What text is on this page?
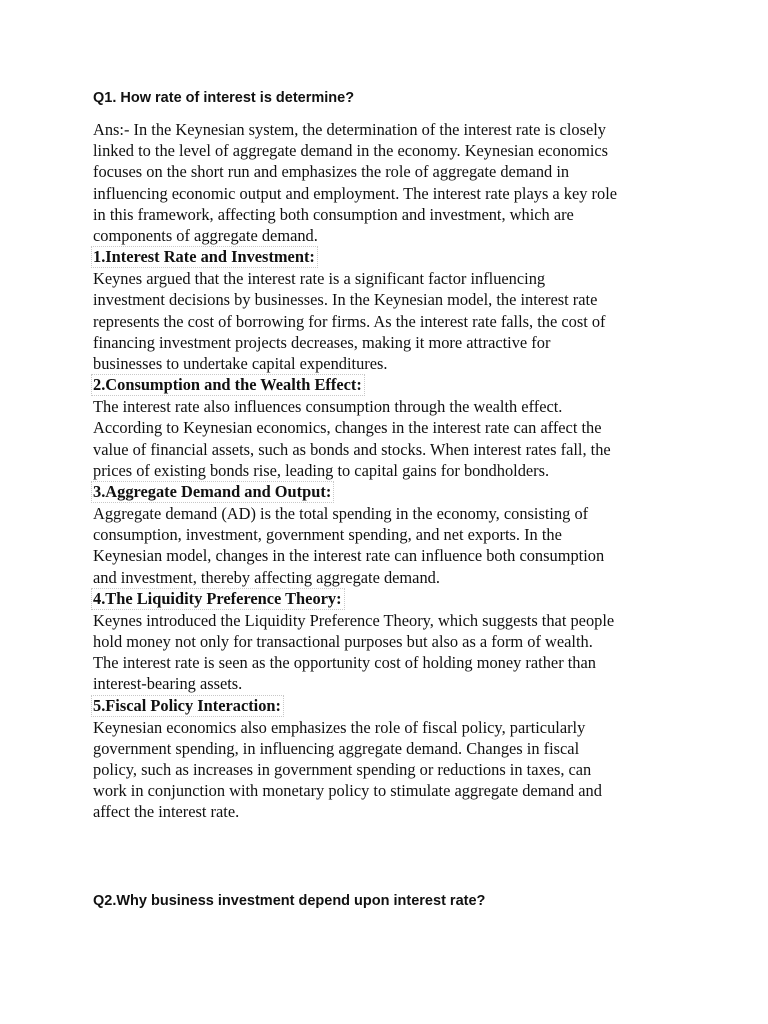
Q1. How rate of interest is determine?

Ans:- In the Keynesian system, the determination of the interest rate is closely
linked to the level of aggregate demand in the economy. Keynesian economics
focuses on the short run and emphasizes the role of aggregate demand in
influencing economic output and employment. The interest rate plays a key role
in this framework, affecting both consumption and investment, which are
components of aggregate demand.
1.Interest Rate and Investment:
Keynes argued that the interest rate is a significant factor influencing
investment decisions by businesses. In the Keynesian model, the interest rate
represents the cost of borrowing for firms. As the interest rate falls, the cost of
financing investment projects decreases, making it more attractive for
businesses to undertake capital expenditures.
2.Consumption and the Wealth Effect:
The interest rate also influences consumption through the wealth effect.
According to Keynesian economics, changes in the interest rate can affect the
value of financial assets, such as bonds and stocks. When interest rates fall, the
prices of existing bonds rise, leading to capital gains for bondholders.
3.Aggregate Demand and Output:
Aggregate demand (AD) is the total spending in the economy, consisting of
consumption, investment, government spending, and net exports. In the
Keynesian model, changes in the interest rate can influence both consumption
and investment, thereby affecting aggregate demand.
4.The Liquidity Preference Theory:
Keynes introduced the Liquidity Preference Theory, which suggests that people
hold money not only for transactional purposes but also as a form of wealth.
The interest rate is seen as the opportunity cost of holding money rather than
interest-bearing assets.
5.Fiscal Policy Interaction:
Keynesian economics also emphasizes the role of fiscal policy, particularly
government spending, in influencing aggregate demand. Changes in fiscal
policy, such as increases in government spending or reductions in taxes, can
work in conjunction with monetary policy to stimulate aggregate demand and
affect the interest rate.

Q2.Why business investment depend upon interest rate?
